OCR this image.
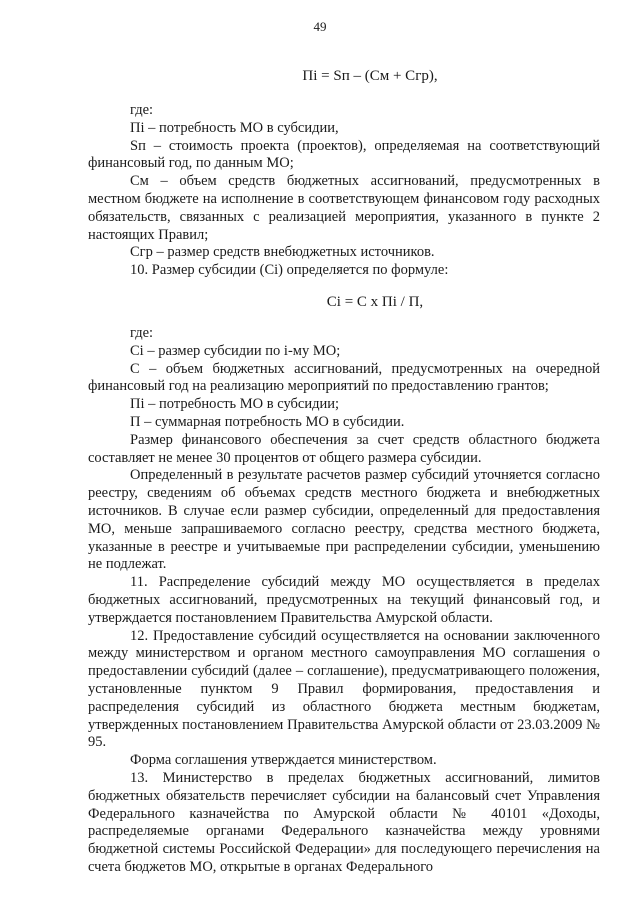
49
Пi = Sп – (См + Сгр),

где:

Пi – потребность МО в субсидии,

Sп – стоимость проекта (проектов), определяемая на соответствующий финансовый год, по данным МО;

См – объем средств бюджетных ассигнований, предусмотренных в местном бюджете на исполнение в соответствующем финансовом году расходных обязательств, связанных с реализацией мероприятия, указанного в пункте 2 настоящих Правил;

Сгр – размер средств внебюджетных источников.

10. Размер субсидии (Сi) определяется по формуле:

Сi = С х Пi / П,

где:

Сi – размер субсидии по i-му МО;

С – объем бюджетных ассигнований, предусмотренных на очередной финансовый год на реализацию мероприятий по предоставлению грантов;

Пi – потребность МО в субсидии;

П – суммарная потребность МО в субсидии.

Размер финансового обеспечения за счет средств областного бюджета составляет не менее 30 процентов от общего размера субсидии.

Определенный в результате расчетов размер субсидий уточняется согласно реестру, сведениям об объемах средств местного бюджета и внебюджетных источников. В случае если размер субсидии, определенный для предоставления МО, меньше запрашиваемого согласно реестру, средства местного бюджета, указанные в реестре и учитываемые при распределении субсидии, уменьшению не подлежат.

11. Распределение субсидий между МО осуществляется в пределах бюджетных ассигнований, предусмотренных на текущий финансовый год, и утверждается постановлением Правительства Амурской области.

12. Предоставление субсидий осуществляется на основании заключенного между министерством и органом местного самоуправления МО соглашения о предоставлении субсидий (далее – соглашение), предусматривающего положения, установленные пунктом 9 Правил формирования, предоставления и распределения субсидий из областного бюджета местным бюджетам, утвержденных постановлением Правительства Амурской области от 23.03.2009 № 95.

Форма соглашения утверждается министерством.

13. Министерство в пределах бюджетных ассигнований, лимитов бюджетных обязательств перечисляет субсидии на балансовый счет Управления Федерального казначейства по Амурской области № 40101 «Доходы, распределяемые органами Федерального казначейства между уровнями бюджетной системы Российской Федерации» для последующего перечисления на счета бюджетов МО, открытые в органах Федерального
